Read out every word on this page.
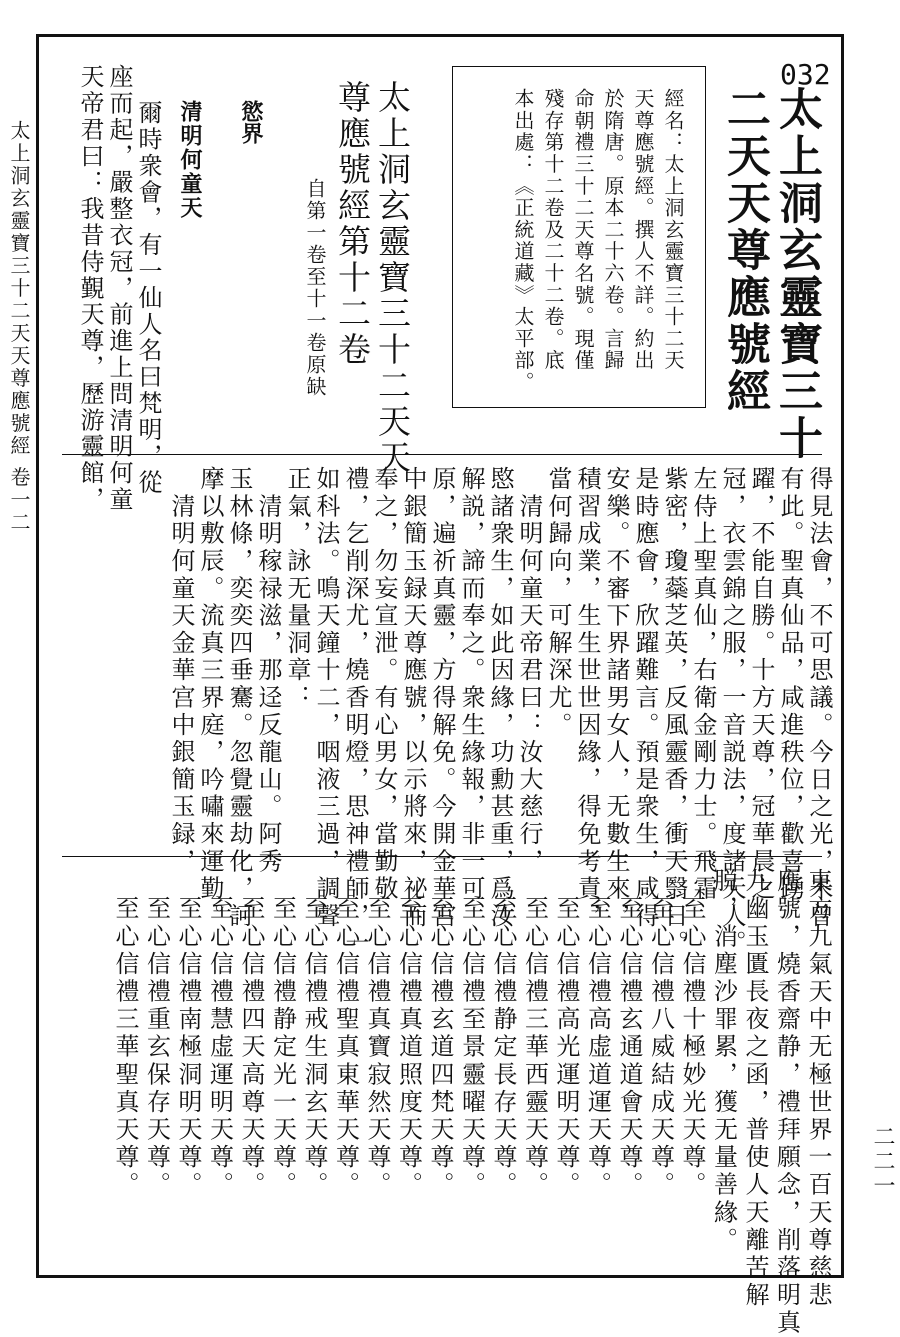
太上洞玄靈寶三十二天天尊應號經 卷一二
二二一
032
太上洞玄靈寶三十
二天天尊應號經
經名：太上洞玄靈寶三十二天
天尊應號經。撰人不詳。約出
於隋唐。原本二十六卷。言歸
命朝禮三十二天尊名號。現僅
殘存第十二卷及二十二卷。底
本出處：《正統道藏》太平部。
太上洞玄靈寶三十二天天
尊應號經第十二卷
自第一卷至十一卷原缺
慾界
清明何童天
爾時衆會，有一仙人名曰梵明，從
座而起，嚴整衣冠，前進上問清明何童
天帝君曰：我昔侍覲天尊，歷游靈館，
得見法會，不可思議。今日之光，未曾
有此。聖真仙品，咸進秩位，歡喜踴
躍，不能自勝。十方天尊，冠華晨之
冠，衣雲錦之服，一音説法，度諸天人。
左侍上聖真仙，右衛金剛力士。飛霜
紫密，瓊蘂芝英，反風靈香，衝天翳日。
是時應會，欣躍難言。預是衆生，咸得
安樂。不審下界諸男女人，无數生來，
積習成業，生生世世因緣，得免考責，
當何歸向，可解深尤。
　清明何童天帝君曰：汝大慈行，
愍諸衆生，如此因緣，功勳甚重，爲汝
解説，諦而奉之。衆生緣報，非一可
原，遍祈真靈，方得解免。今開金華宫
中銀簡玉録天尊應號，以示將來，祕而
奉之，勿妄宣泄。有心男女，當勤敬
禮，乞削深尤，燒香明燈，思神禮師，一
如科法。鳴天鐘十二，咽液三過，調聲
正氣，詠无量洞章：
　清明稼禄滋，那迳反龍山。阿秀
玉林條，奕奕四垂騫。忽覺靈劫化，訶
摩以敷辰。流真三界庭，吟嘯來運勤。
　清明何童天金華宫中銀簡玉録，
東方九氣天中无極世界一百天尊慈悲
應號，燒香齋静，禮拜願念，削落明真
九幽玉匱長夜之函，普使人天離苦解
脱，消塵沙罪累，獲无量善緣。
　至心信禮十極妙光天尊。
　至心信禮八威結成天尊。
　至心信禮玄通道會天尊。
　至心信禮高虚道運天尊。
　至心信禮高光運明天尊。
　至心信禮三華西靈天尊。
　至心信禮静定長存天尊。
　至心信禮至景靈曜天尊。
　至心信禮玄道四梵天尊。
　至心信禮真道照度天尊。
　至心信禮真寶寂然天尊。
　至心信禮聖真東華天尊。
　至心信禮戒生洞玄天尊。
　至心信禮静定光一天尊。
　至心信禮四天高尊天尊。
　至心信禮慧虚運明天尊。
　至心信禮南極洞明天尊。
　至心信禮重玄保存天尊。
　至心信禮三華聖真天尊。
